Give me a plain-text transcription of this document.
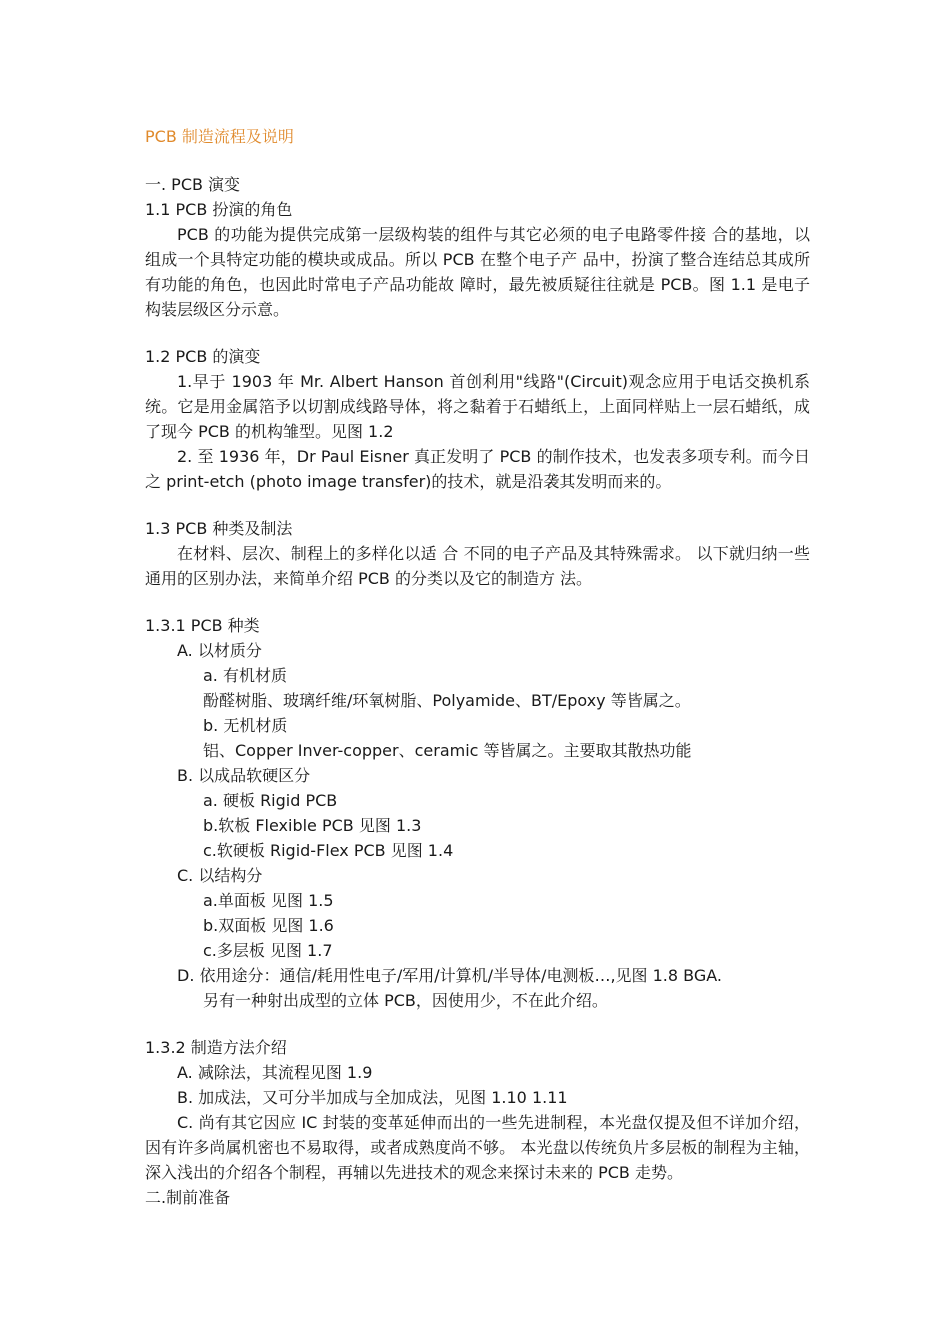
PCB 制造流程及说明
一. PCB 演变
1.1 PCB 扮演的角色
PCB 的功能为提供完成第一层级构装的组件与其它必须的电子电路零件接 合的基地，以组成一个具特定功能的模块或成品。所以 PCB 在整个电子产 品中，扮演了整合连结总其成所有功能的角色，也因此时常电子产品功能故 障时，最先被质疑往往就是 PCB。图 1.1 是电子构装层级区分示意。
1.2 PCB 的演变
1.早于 1903 年 Mr. Albert Hanson 首创利用"线路"(Circuit)观念应用于电话交换机系统。它是用金属箔予以切割成线路导体，将之黏着于石蜡纸上，上面同样贴上一层石蜡纸，成了现今 PCB 的机构雏型。见图 1.2
2. 至 1936 年，Dr Paul Eisner 真正发明了 PCB 的制作技术，也发表多项专利。而今日之 print-etch (photo image transfer)的技术，就是沿袭其发明而来的。
1.3 PCB 种类及制法
在材料、层次、制程上的多样化以适 合 不同的电子产品及其特殊需求。 以下就归纳一些通用的区别办法，来简单介绍 PCB 的分类以及它的制造方 法。
1.3.1 PCB 种类
A. 以材质分
a. 有机材质
酚醛树脂、玻璃纤维/环氧树脂、Polyamide、BT/Epoxy 等皆属之。
b. 无机材质
铝、Copper Inver-copper、ceramic 等皆属之。主要取其散热功能
B. 以成品软硬区分
a. 硬板 Rigid PCB
b.软板 Flexible PCB 见图 1.3
c.软硬板 Rigid-Flex PCB 见图 1.4
C. 以结构分
a.单面板 见图 1.5
b.双面板 见图 1.6
c.多层板 见图 1.7
D. 依用途分：通信/耗用性电子/军用/计算机/半导体/电测板…,见图 1.8 BGA.
另有一种射出成型的立体 PCB，因使用少，不在此介绍。
1.3.2 制造方法介绍
A. 减除法，其流程见图 1.9
B. 加成法，又可分半加成与全加成法，见图 1.10 1.11
C. 尚有其它因应 IC 封装的变革延伸而出的一些先进制程，本光盘仅提及但不详加介绍，因有许多尚属机密也不易取得，或者成熟度尚不够。 本光盘以传统负片多层板的制程为主轴，深入浅出的介绍各个制程，再辅以先进技术的观念来探讨未来的 PCB 走势。
二.制前准备
